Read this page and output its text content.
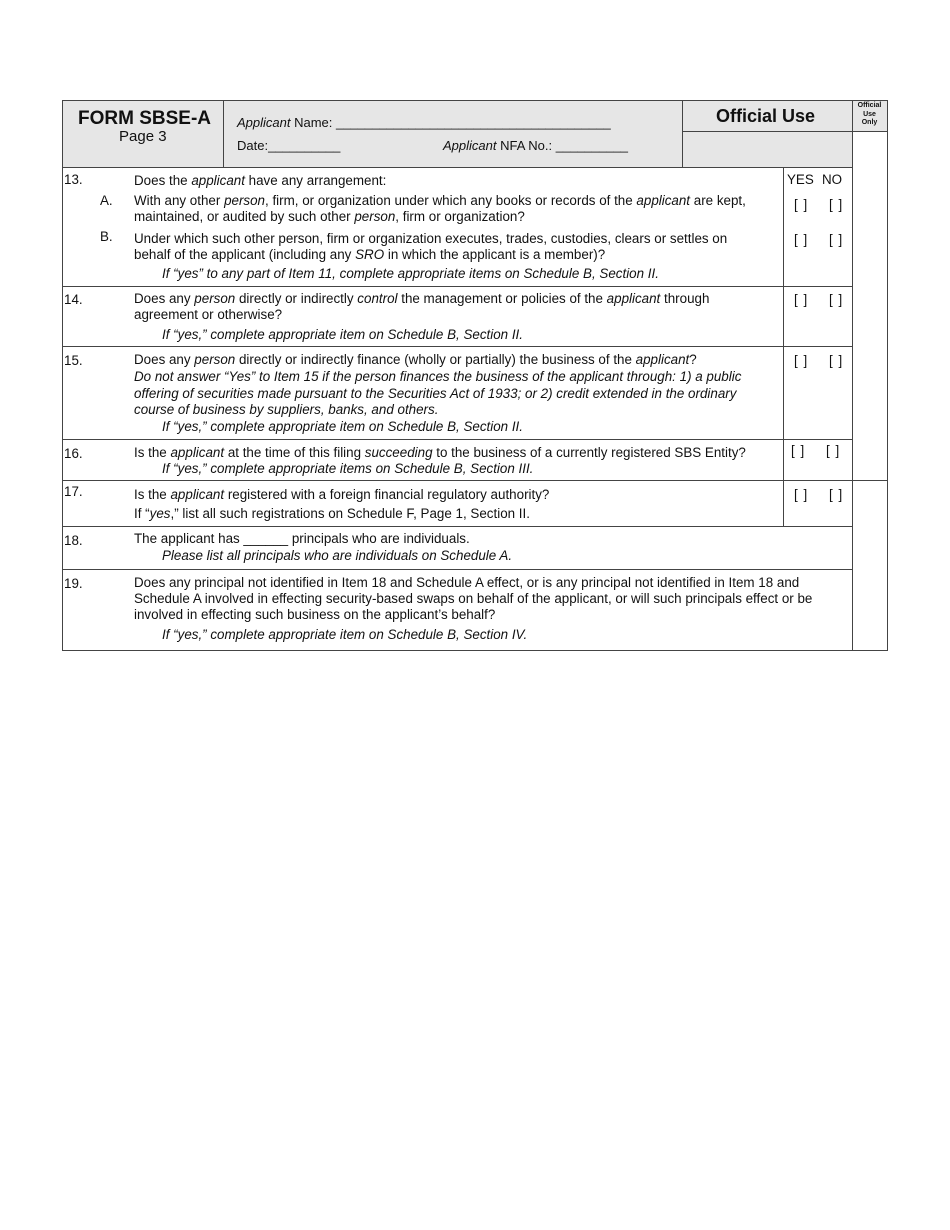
FORM SBSE-A
Page 3
Applicant Name: ______________________________________
Date:__________	Applicant NFA No.: __________
Official Use
Official
Use
Only
13.	Does the applicant have any arrangement:	YES NO
A. With any other person, firm, or organization under which any books or records of the applicant are kept,
maintained, or audited by such other person, firm or organization?
[ ] [ ]
B. Under which such other person, firm or organization executes, trades, custodies, clears or settles on
behalf of the applicant (including any SRO in which the applicant is a member)?
[ ] [ ]
If “yes” to any part of Item 11, complete appropriate items on Schedule B, Section II.
14.	Does any person directly or indirectly control the management or policies of the applicant through
agreement or otherwise?
If “yes,” complete appropriate item on Schedule B, Section II.
[ ] [ ]
15.	Does any person directly or indirectly finance (wholly or partially) the business of the applicant?
Do not answer “Yes” to Item 15 if the person finances the business of the applicant through: 1) a public
offering of securities made pursuant to the Securities Act of 1933; or 2) credit extended in the ordinary
course of business by suppliers, banks, and others.
If “yes,” complete appropriate item on Schedule B, Section II.
[ ] [ ]
16.	Is the applicant at the time of this filing succeeding to the business of a currently registered SBS Entity?
If “yes,” complete appropriate items on Schedule B, Section III.
[ ] [ ]
17.	Is the applicant registered with a foreign financial regulatory authority?
If “yes,” list all such registrations on Schedule F, Page 1, Section II.
[ ] [ ]
18.	The applicant has ______ principals who are individuals.
Please list all principals who are individuals on Schedule A.
19.	Does any principal not identified in Item 18 and Schedule A effect, or is any principal not identified in Item 18 and
Schedule A involved in effecting security-based swaps on behalf of the applicant, or will such principals effect or be
involved in effecting such business on the applicant’s behalf?
If “yes,” complete appropriate item on Schedule B, Section IV.
